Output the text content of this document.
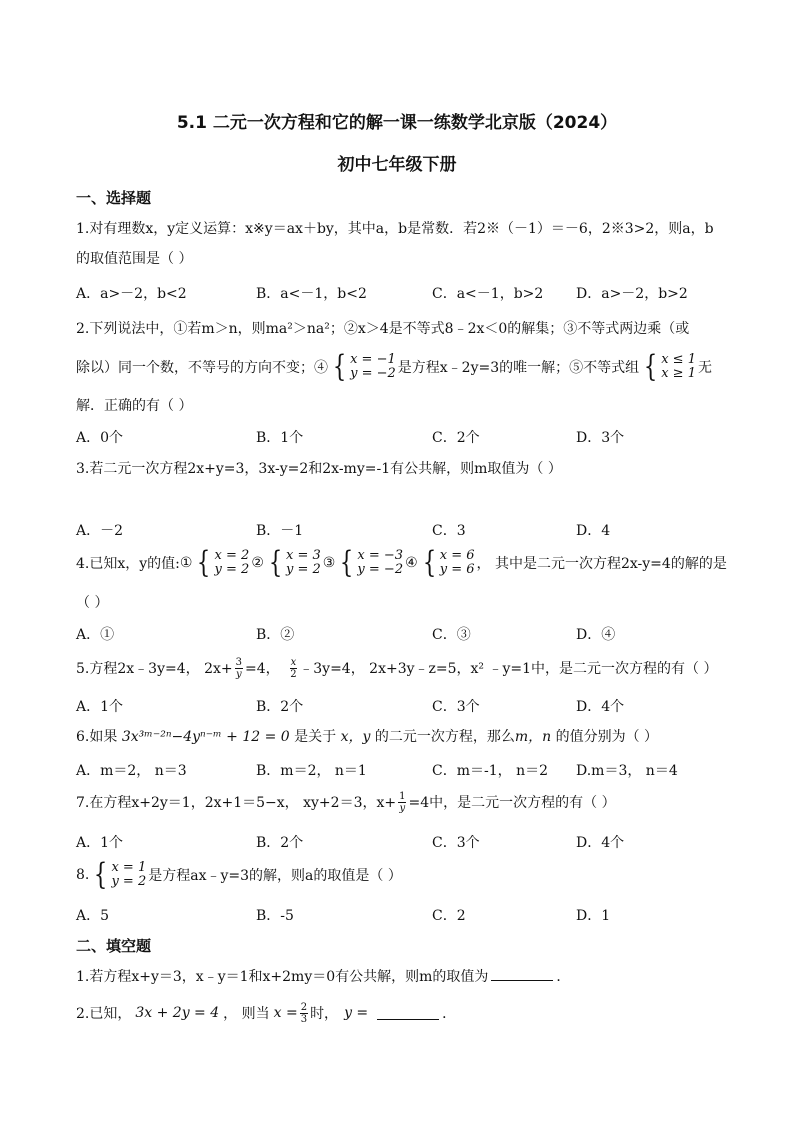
5.1 二元一次方程和它的解一课一练数学北京版（2024）
初中七年级下册
一、选择题
1.对有理数x，y定义运算：x※y＝ax＋by，其中a，b是常数．若2※（－1）＝－6，2※3>2，则a，b
的取值范围是（ ）
A．a>－2，b<2	B．a<－1，b<2	C．a<－1，b>2 D．a>－2，b>2
2.下列说法中，①若m＞n，则ma²＞na²；②x＞4是不等式8﹣2x＜0的解集；③不等式两边乘（或
除以）同一个数，不等号的方向不变；④ { x = −1
y = −2 是方程x﹣2y=3的唯一解；⑤不等式组 { x ≤ 1
x ≥ 1 无
解．正确的有（ ）
A．0个	B．1个	C．2个	D．3个
3.若二元一次方程2x+y=3，3x-y=2和2x-my=-1有公共解，则m取值为（ ）
A．－2	B．－1	C．3	D．4
4.已知x，y的值: ① { x = 2
y = 2 ② { x = 3
y = 2 ③ { x = −3
y = −2 ④ { x = 6
y = 6 ， 其中是二元一次方程2x-y=4的解的是
（ ）
A．①	B．②	C．③	D．④
5.方程2x﹣3y=4， $2x+ \frac{3}{y} =4$， $\frac{x}{2}$ ﹣3y=4， 2x+3y﹣z=5，x² ﹣y=1中，是二元一次方程的有（ ）
A．1个	B．2个	C．3个	D．4个
6.如果 3x³ᵐ⁻²ⁿ−4yⁿ⁻ᵐ + 12 = 0 是关于 x，y 的二元一次方程，那么m，n 的值分别为（ ）
A．m＝2， n＝3	B．m＝2， n＝1	C．m＝-1， n＝2 D.m＝3， n＝4
7.在方程x+2y＝1，2x+1＝5−x， xy+2＝3，$x+ \frac{1}{y} =4$中，是二元一次方程的有（ ）
A．1个	B．2个	C．3个	D．4个
8. { x = 1
y = 2 是方程ax﹣y=3的解，则a的取值是（ ）
A．5	B．-5	C．2	D．1
二、填空题
1.若方程x+y＝3，x﹣y＝1和x+2my＝0有公共解，则m的取值为	．
2.已知， 3x + 2y = 4 ， 则当 $x = \frac{2}{3}$ 时， y =	．
